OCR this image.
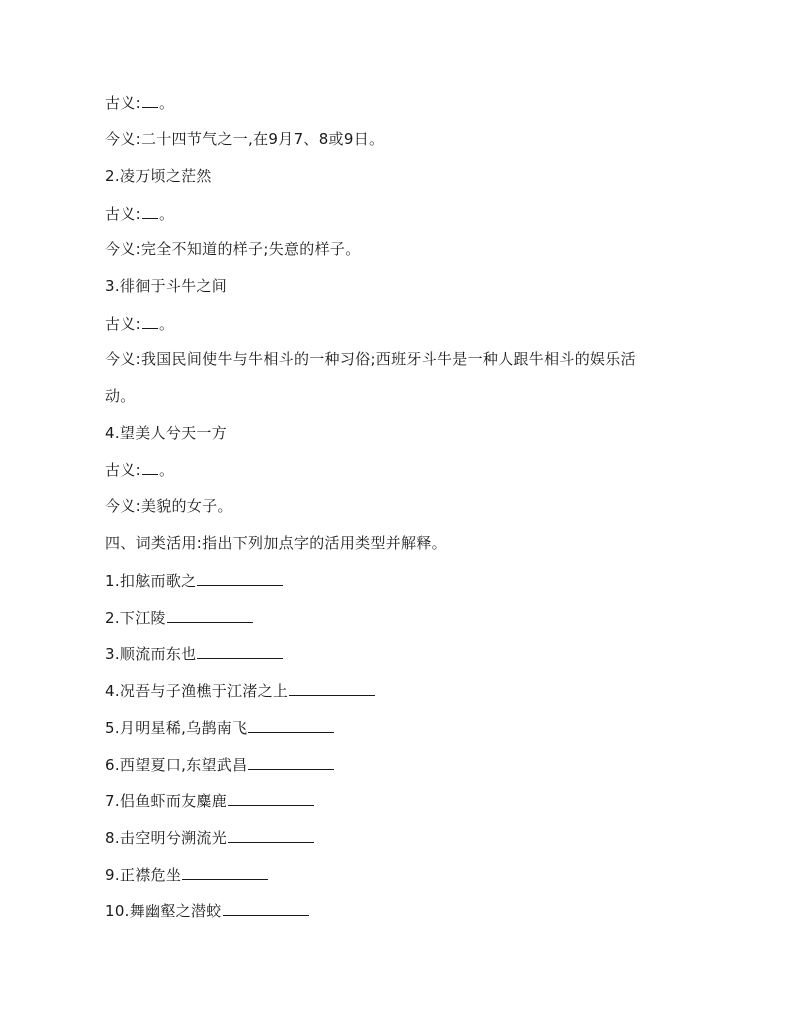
古义: 。
今义:二十四节气之一,在9月7、8或9日。
2.凌万顷之茫然
古义: 。
今义:完全不知道的样子;失意的样子。
3.徘徊于斗牛之间
古义: 。
今义:我国民间使牛与牛相斗的一种习俗;西班牙斗牛是一种人跟牛相斗的娱乐活
动。
4.望美人兮天一方
古义: 。
今义:美貌的女子。
四、词类活用:指出下列加点字的活用类型并解释。
1.扣舷而歌之
2.下江陵
3.顺流而东也
4.况吾与子渔樵于江渚之上
5.月明星稀,乌鹊南飞
6.西望夏口,东望武昌
7.侣鱼虾而友麋鹿
8.击空明兮溯流光
9.正襟危坐
10.舞幽壑之潜蛟
